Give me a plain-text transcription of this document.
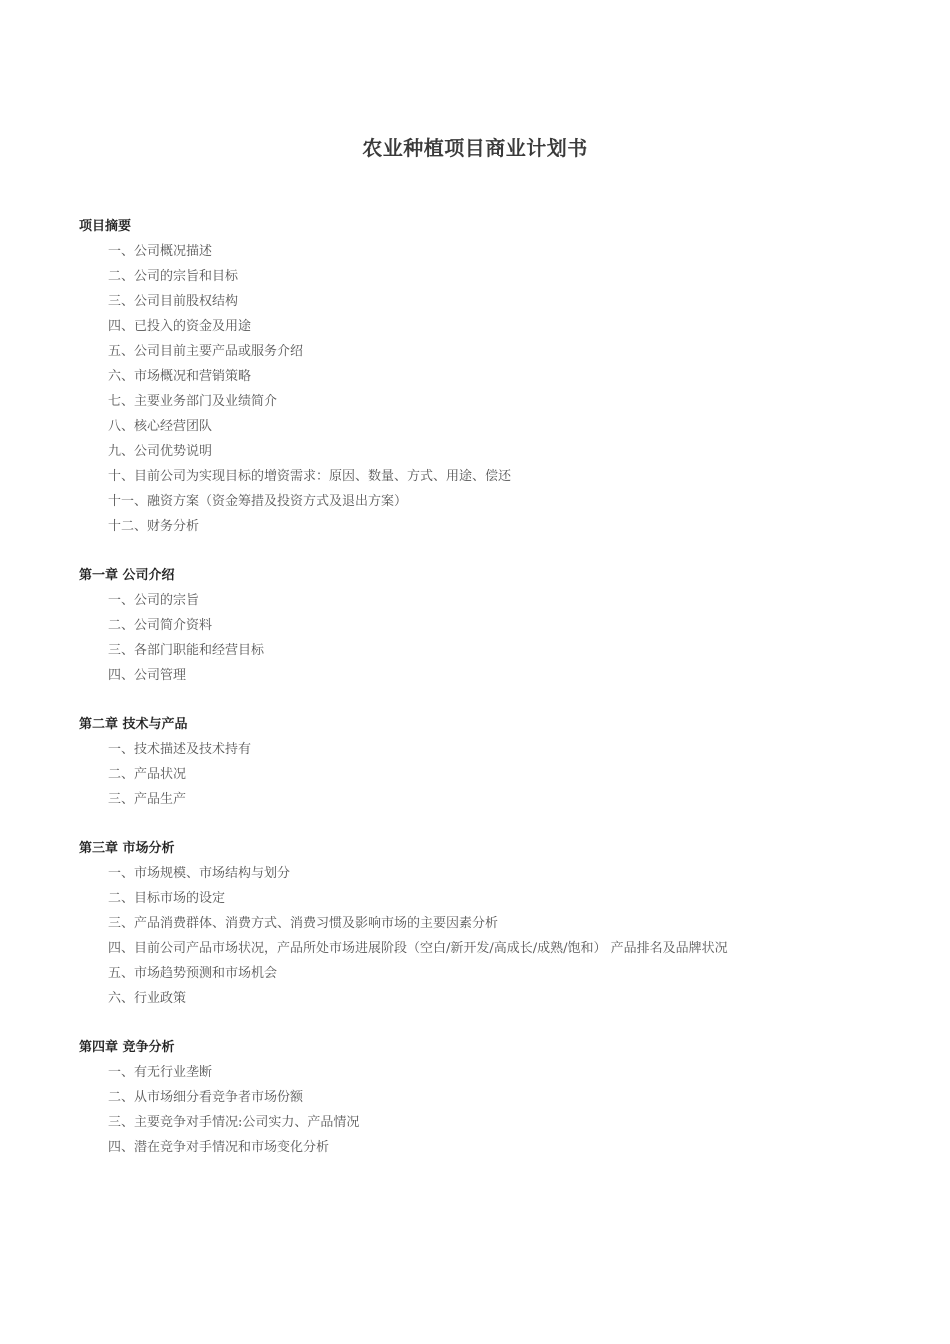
农业种植项目商业计划书
项目摘要
一、公司概况描述
二、公司的宗旨和目标
三、公司目前股权结构
四、已投入的资金及用途
五、公司目前主要产品或服务介绍
六、市场概况和营销策略
七、主要业务部门及业绩简介
八、核心经营团队
九、公司优势说明
十、目前公司为实现目标的增资需求：原因、数量、方式、用途、偿还
十一、融资方案（资金筹措及投资方式及退出方案）
十二、财务分析
第一章 公司介绍
一、公司的宗旨
二、公司简介资料
三、各部门职能和经营目标
四、公司管理
第二章 技术与产品
一、技术描述及技术持有
二、产品状况
三、产品生产
第三章 市场分析
一、市场规模、市场结构与划分
二、目标市场的设定
三、产品消费群体、消费方式、消费习惯及影响市场的主要因素分析
四、目前公司产品市场状况，产品所处市场进展阶段（空白/新开发/高成长/成熟/饱和） 产品排名及品牌状况
五、市场趋势预测和市场机会
六、行业政策
第四章 竞争分析
一、有无行业垄断
二、从市场细分看竞争者市场份额
三、主要竞争对手情况:公司实力、产品情况
四、潜在竞争对手情况和市场变化分析
